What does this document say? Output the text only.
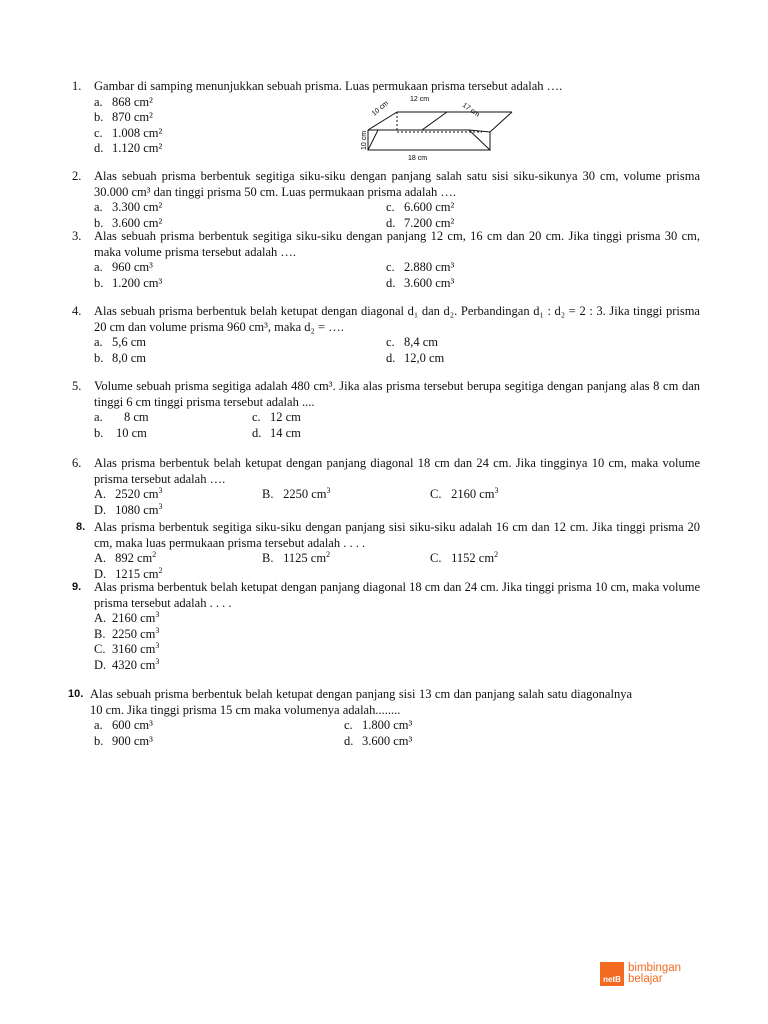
1.	Gambar di samping menunjukkan sebuah prisma. Luas permukaan prisma tersebut adalah ….
a. 868 cm²
b. 870 cm²
c. 1.008 cm²
d. 1.120 cm²
12 cm
10 cm	17 cm
10 cm
18 cm
2.	Alas sebuah prisma berbentuk segitiga siku-siku dengan panjang salah satu sisi siku-sikunya 30 cm, volume prisma 30.000 cm³ dan tinggi prisma 50 cm. Luas permukaan prisma adalah ….
a. 3.300 cm²	c. 6.600 cm²
b. 3.600 cm²	d. 7.200 cm²
3.	Alas sebuah prisma berbentuk segitiga siku-siku dengan panjang 12 cm, 16 cm dan 20 cm. Jika tinggi prisma 30 cm, maka volume prisma tersebut adalah ….
a. 960 cm³	c. 2.880 cm³
b. 1.200 cm³	d. 3.600 cm³
4.	Alas sebuah prisma berbentuk belah ketupat dengan diagonal d₁ dan d₂. Perbandingan d₁ : d₂ = 2 : 3. Jika tinggi prisma 20 cm dan volume prisma 960 cm³, maka d₂ = ….
a. 5,6 cm	c. 8,4 cm
b. 8,0 cm	d. 12,0 cm
5.	Volume sebuah prisma segitiga adalah 480 cm³. Jika alas prisma tersebut berupa segitiga dengan panjang alas 8 cm dan tinggi 6 cm tinggi prisma tersebut adalah ....
a. 8 cm	c. 12 cm
b. 10 cm	d. 14 cm
6.	Alas prisma berbentuk belah ketupat dengan panjang diagonal 18 cm dan 24 cm. Jika tingginya 10 cm, maka volume prisma tersebut adalah ….
A. 2520 $cm^3$	B. 2250 $cm^3$	C. 2160 $cm^3$
D. 1080 $cm^3$
8. Alas prisma berbentuk segitiga siku-siku dengan panjang sisi siku-siku adalah 16 cm dan 12 cm. Jika tinggi prisma 20 cm, maka luas permukaan prisma tersebut adalah . . . .
A. 892 $cm^2$	B. 1125 $cm^2$	C. 1152 $cm^2$
D. 1215 $cm^2$
9.	Alas prisma berbentuk belah ketupat dengan panjang diagonal 18 cm dan 24 cm. Jika tinggi prisma 10 cm, maka volume prisma tersebut adalah . . . .
A. 2160 $cm^3$
B. 2250 $cm^3$
C. 3160 $cm^3$
D. 4320 $cm^3$
10. Alas sebuah prisma berbentuk belah ketupat dengan panjang sisi 13 cm dan panjang salah satu diagonalnya 10 cm. Jika tinggi prisma 15 cm maka volumenya adalah........
a. 600 cm³	c. 1.800 cm³
b. 900 cm³	d. 3.600 cm³
netB
bimbingan
belajar
